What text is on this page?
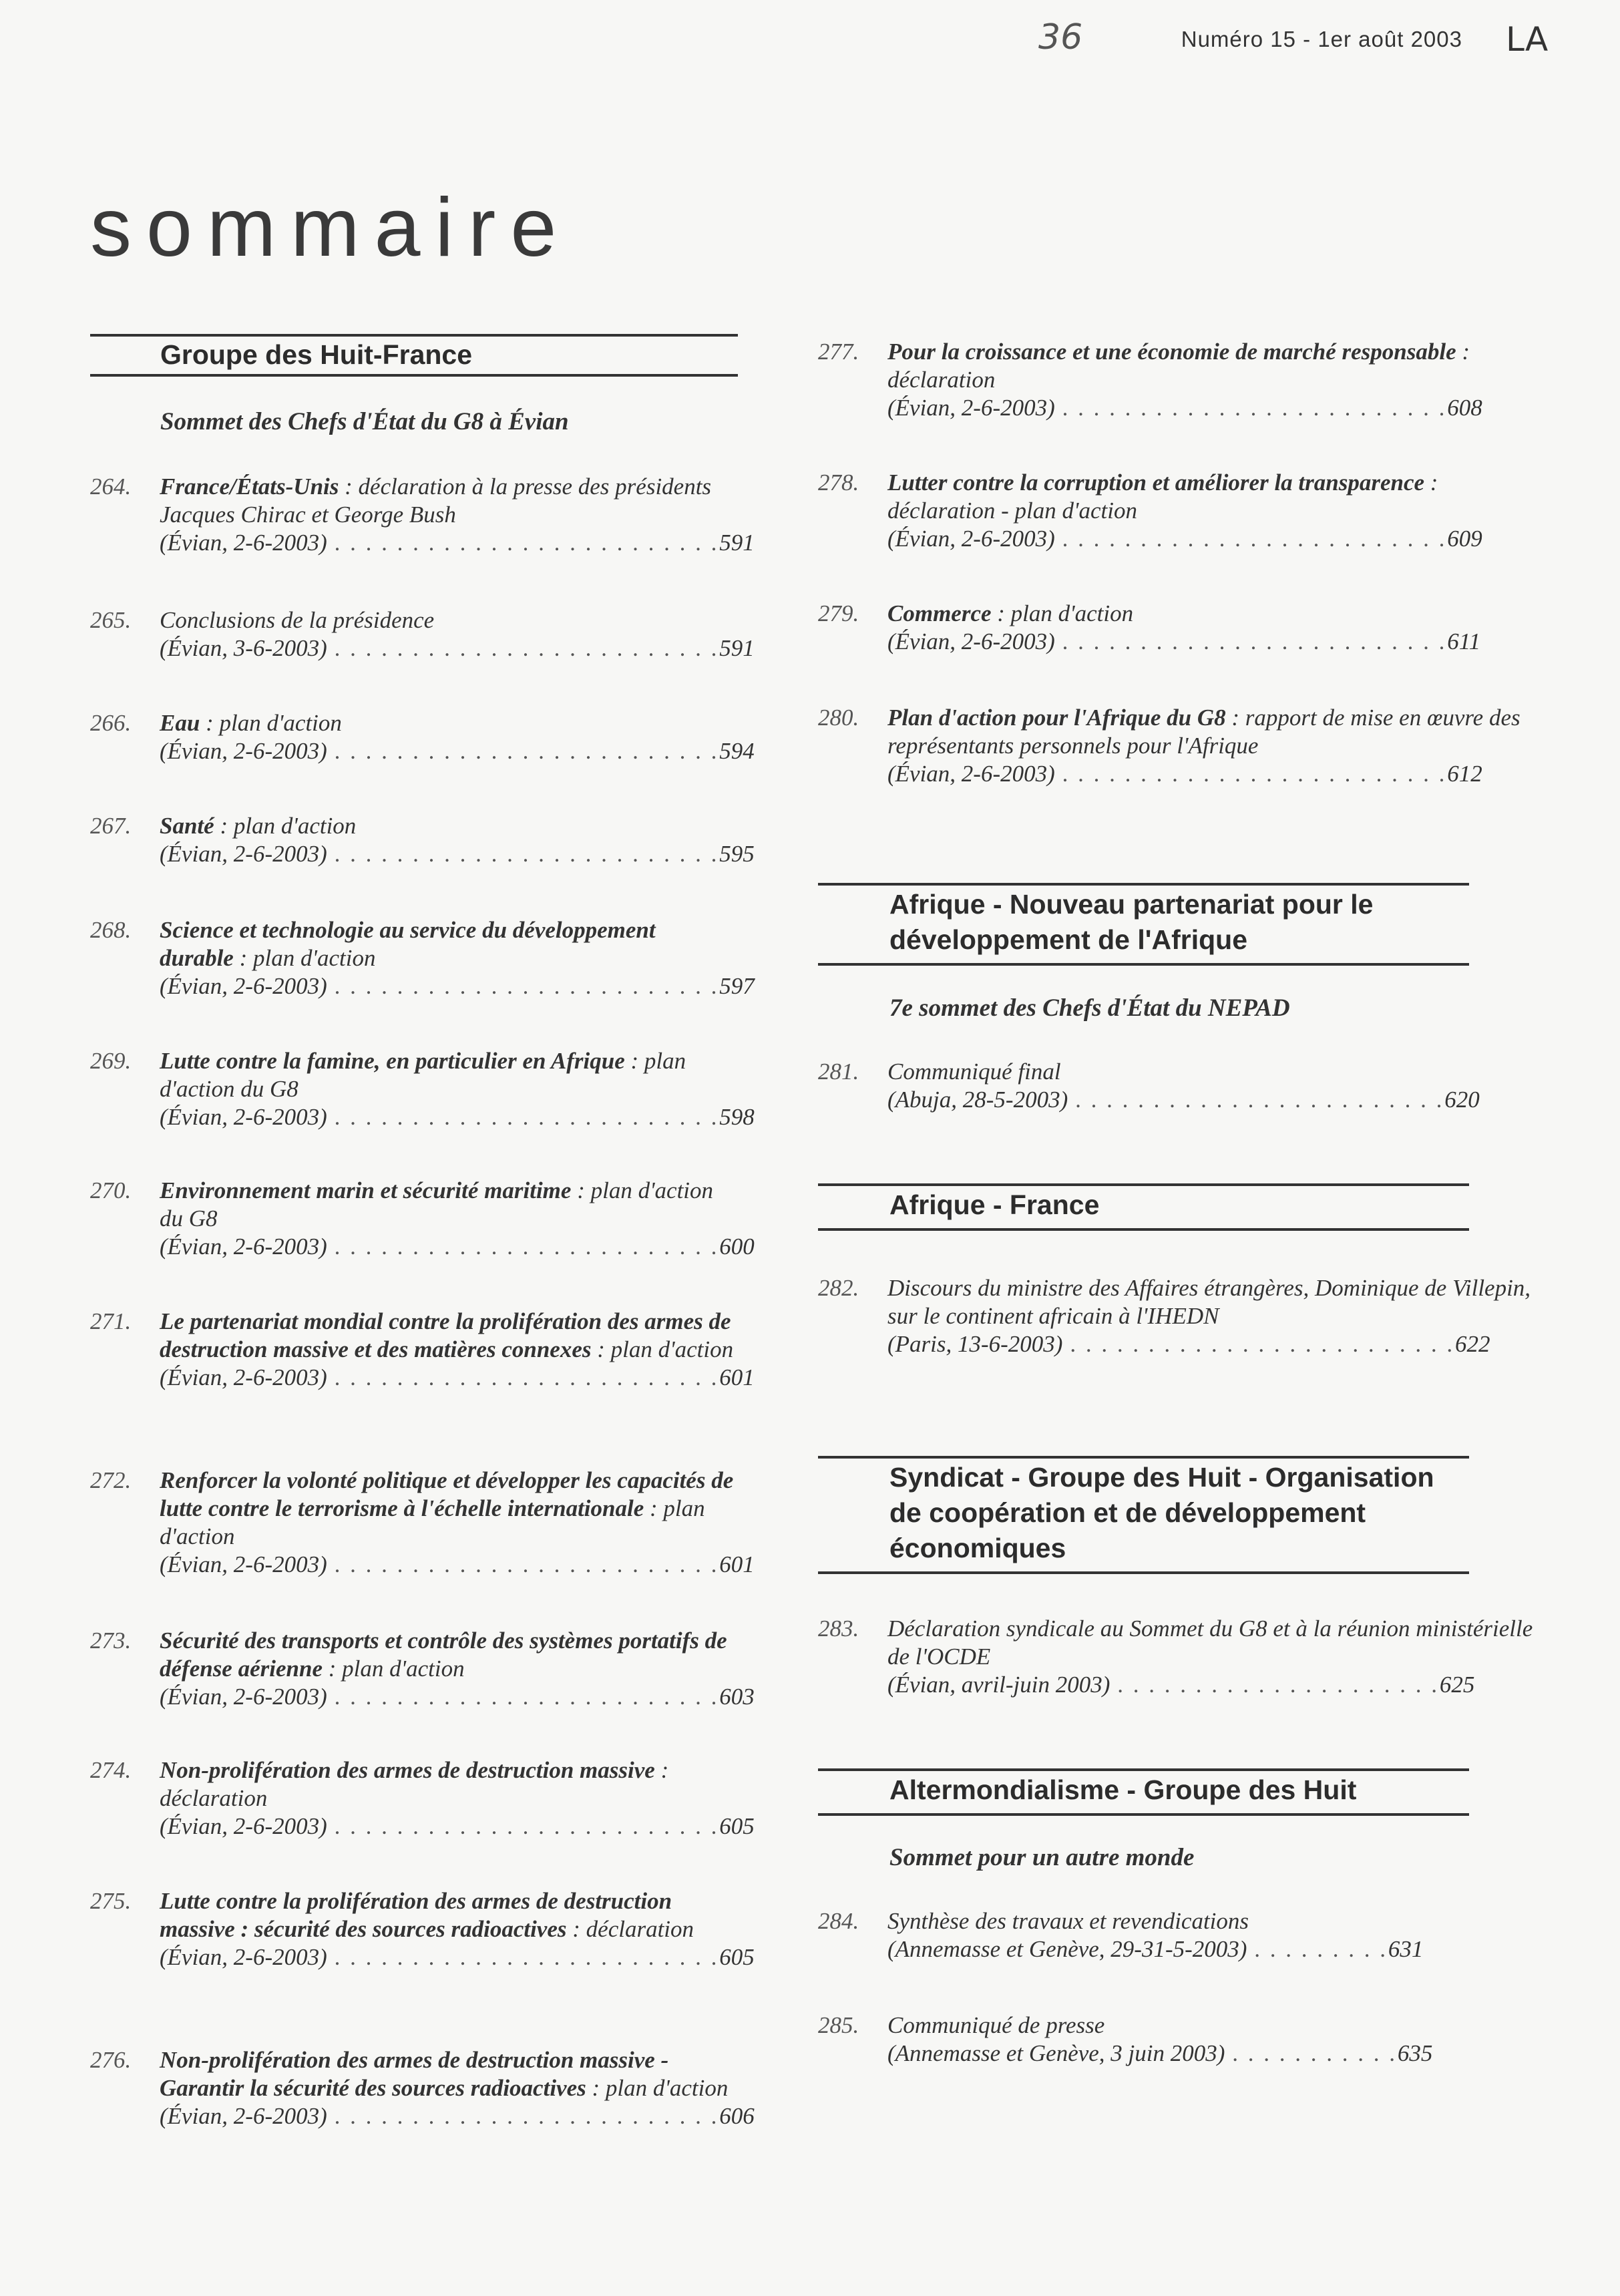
36	Numéro 15 - 1er août 2003 LA
sommaire
Groupe des Huit-France
Sommet des Chefs d'État du G8 à Évian
264. France/États-Unis : déclaration à la presse des présidents Jacques Chirac et George Bush
(Évian, 2-6-2003) . . . . . . . . . . . . . . . . . . . . . . . . .591
265. Conclusions de la présidence
(Évian, 3-6-2003) . . . . . . . . . . . . . . . . . . . . . . . . .591
266. Eau : plan d'action
(Évian, 2-6-2003) . . . . . . . . . . . . . . . . . . . . . . . . .594
267. Santé : plan d'action
(Évian, 2-6-2003) . . . . . . . . . . . . . . . . . . . . . . . . .595
268. Science et technologie au service du développement durable : plan d'action
(Évian, 2-6-2003) . . . . . . . . . . . . . . . . . . . . . . . . .597
269. Lutte contre la famine, en particulier en Afrique : plan d'action du G8
(Évian, 2-6-2003) . . . . . . . . . . . . . . . . . . . . . . . . .598
270. Environnement marin et sécurité maritime : plan d'action du G8
(Évian, 2-6-2003) . . . . . . . . . . . . . . . . . . . . . . . . .600
271. Le partenariat mondial contre la prolifération des armes de destruction massive et des matières connexes : plan d'action
(Évian, 2-6-2003) . . . . . . . . . . . . . . . . . . . . . . . . .601
272. Renforcer la volonté politique et développer les capacités de lutte contre le terrorisme à l'échelle internationale : plan d'action
(Évian, 2-6-2003) . . . . . . . . . . . . . . . . . . . . . . . . .601
273. Sécurité des transports et contrôle des systèmes portatifs de défense aérienne : plan d'action
(Évian, 2-6-2003) . . . . . . . . . . . . . . . . . . . . . . . . .603
274. Non-prolifération des armes de destruction massive : déclaration
(Évian, 2-6-2003) . . . . . . . . . . . . . . . . . . . . . . . . .605
275. Lutte contre la prolifération des armes de destruction massive : sécurité des sources radioactives : déclaration
(Évian, 2-6-2003) . . . . . . . . . . . . . . . . . . . . . . . . .605
276. Non-prolifération des armes de destruction massive - Garantir la sécurité des sources radioactives : plan d'action
(Évian, 2-6-2003) . . . . . . . . . . . . . . . . . . . . . . . . .606
277. Pour la croissance et une économie de marché responsable : déclaration
(Évian, 2-6-2003) . . . . . . . . . . . . . . . . . . . . . . . . .608
278. Lutter contre la corruption et améliorer la transparence : déclaration - plan d'action
(Évian, 2-6-2003) . . . . . . . . . . . . . . . . . . . . . . . . .609
279. Commerce : plan d'action
(Évian, 2-6-2003) . . . . . . . . . . . . . . . . . . . . . . . . .611
280. Plan d'action pour l'Afrique du G8 : rapport de mise en œuvre des représentants personnels pour l'Afrique
(Évian, 2-6-2003) . . . . . . . . . . . . . . . . . . . . . . . . .612
Afrique - Nouveau partenariat pour le développement de l'Afrique
7e sommet des Chefs d'État du NEPAD
281. Communiqué final
(Abuja, 28-5-2003) . . . . . . . . . . . . . . . . . . . . . . . .620
Afrique - France
282. Discours du ministre des Affaires étrangères, Dominique de Villepin, sur le continent africain à l'IHEDN
(Paris, 13-6-2003) . . . . . . . . . . . . . . . . . . . . . . . . .622
Syndicat - Groupe des Huit - Organisation de coopération et de développement économiques
283. Déclaration syndicale au Sommet du G8 et à la réunion ministérielle de l'OCDE
(Évian, avril-juin 2003) . . . . . . . . . . . . . . . . . . . . .625
Altermondialisme - Groupe des Huit
Sommet pour un autre monde
284. Synthèse des travaux et revendications
(Annemasse et Genève, 29-31-5-2003) . . . . . . . . .631
285. Communiqué de presse
(Annemasse et Genève, 3 juin 2003) . . . . . . . . . . .635
